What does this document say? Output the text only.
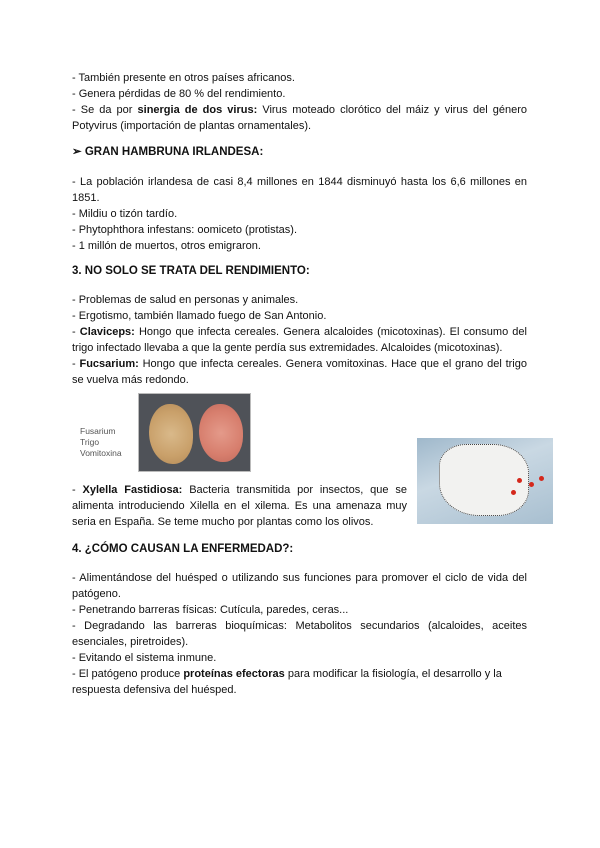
- También presente en otros países africanos.

- Genera pérdidas de 80 % del rendimiento.

- Se da por sinergia de dos virus: Virus moteado clorótico del máiz y virus del género Potyvirus (importación de plantas ornamentales).

➢ GRAN HAMBRUNA IRLANDESA:

- La población irlandesa de casi 8,4 millones en 1844 disminuyó hasta los 6,6 millones en 1851.

- Mildiu o tizón tardío.

- Phytophthora infestans: oomiceto (protistas).

- 1 millón de muertos, otros emigraron.

3. NO SOLO SE TRATA DEL RENDIMIENTO:

- Problemas de salud en personas y animales.

- Ergotismo, también llamado fuego de San Antonio.

- Claviceps: Hongo que infecta cereales. Genera alcaloides (micotoxinas). El consumo del trigo infectado llevaba a que la gente perdía sus extremidades. Alcaloides (micotoxinas).

- Fucsarium: Hongo que infecta cereales. Genera vomitoxinas. Hace que el grano del trigo se vuelva más redondo.

Fusarium
Trigo
Vomitoxina

- Xylella Fastidiosa: Bacteria transmitida por insectos, que se alimenta introduciendo Xilella en el xilema. Es una amenaza muy seria en España. Se teme mucho por plantas como los olivos.

4. ¿CÓMO CAUSAN LA ENFERMEDAD?:

- Alimentándose del huésped o utilizando sus funciones para promover el ciclo de vida del patógeno.

- Penetrando barreras físicas: Cutícula, paredes, ceras...

- Degradando las barreras bioquímicas: Metabolitos secundarios (alcaloides, aceites esenciales, piretroides).

- Evitando el sistema inmune.

- El patógeno produce proteínas efectoras para modificar la fisiología, el desarrollo y la respuesta defensiva del huésped.
